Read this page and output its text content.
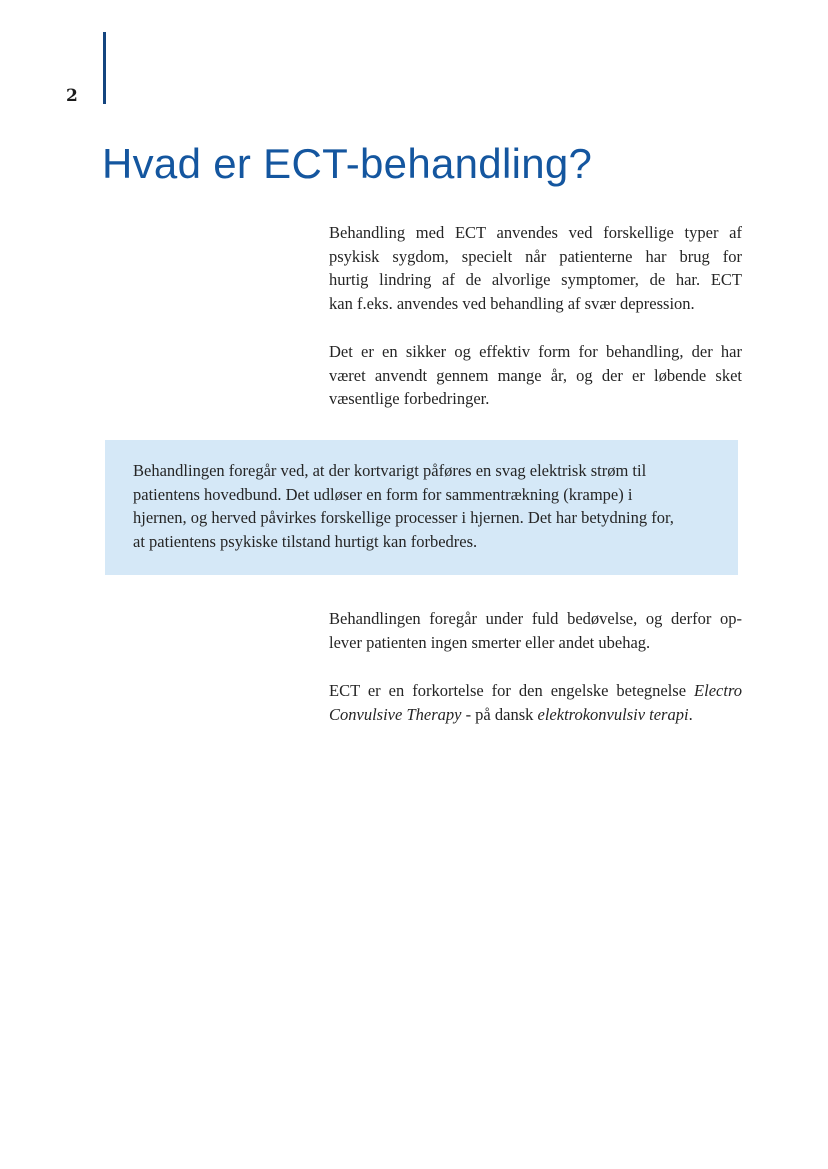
2
Hvad er ECT-behandling?

Behandling med ECT anvendes ved forskellige typer af
psykisk sygdom, specielt når patienterne har brug for
hurtig lindring af de alvorlige symptomer, de har. ECT
kan f.eks. anvendes ved behandling af svær depression.

Det er en sikker og effektiv form for behandling, der har
været anvendt gennem mange år, og der er løbende sket
væsentlige forbedringer.

Behandlingen foregår ved, at der kortvarigt påføres en svag elektrisk strøm til
patientens hovedbund. Det udløser en form for sammentrækning (krampe) i
hjernen, og herved påvirkes forskellige processer i hjernen. Det har betydning for,
at patientens psykiske tilstand hurtigt kan forbedres.

Behandlingen foregår under fuld bedøvelse, og derfor op-
lever patienten ingen smerter eller andet ubehag.

ECT er en forkortelse for den engelske betegnelse Electro
Convulsive Therapy - på dansk elektrokonvulsiv terapi.
